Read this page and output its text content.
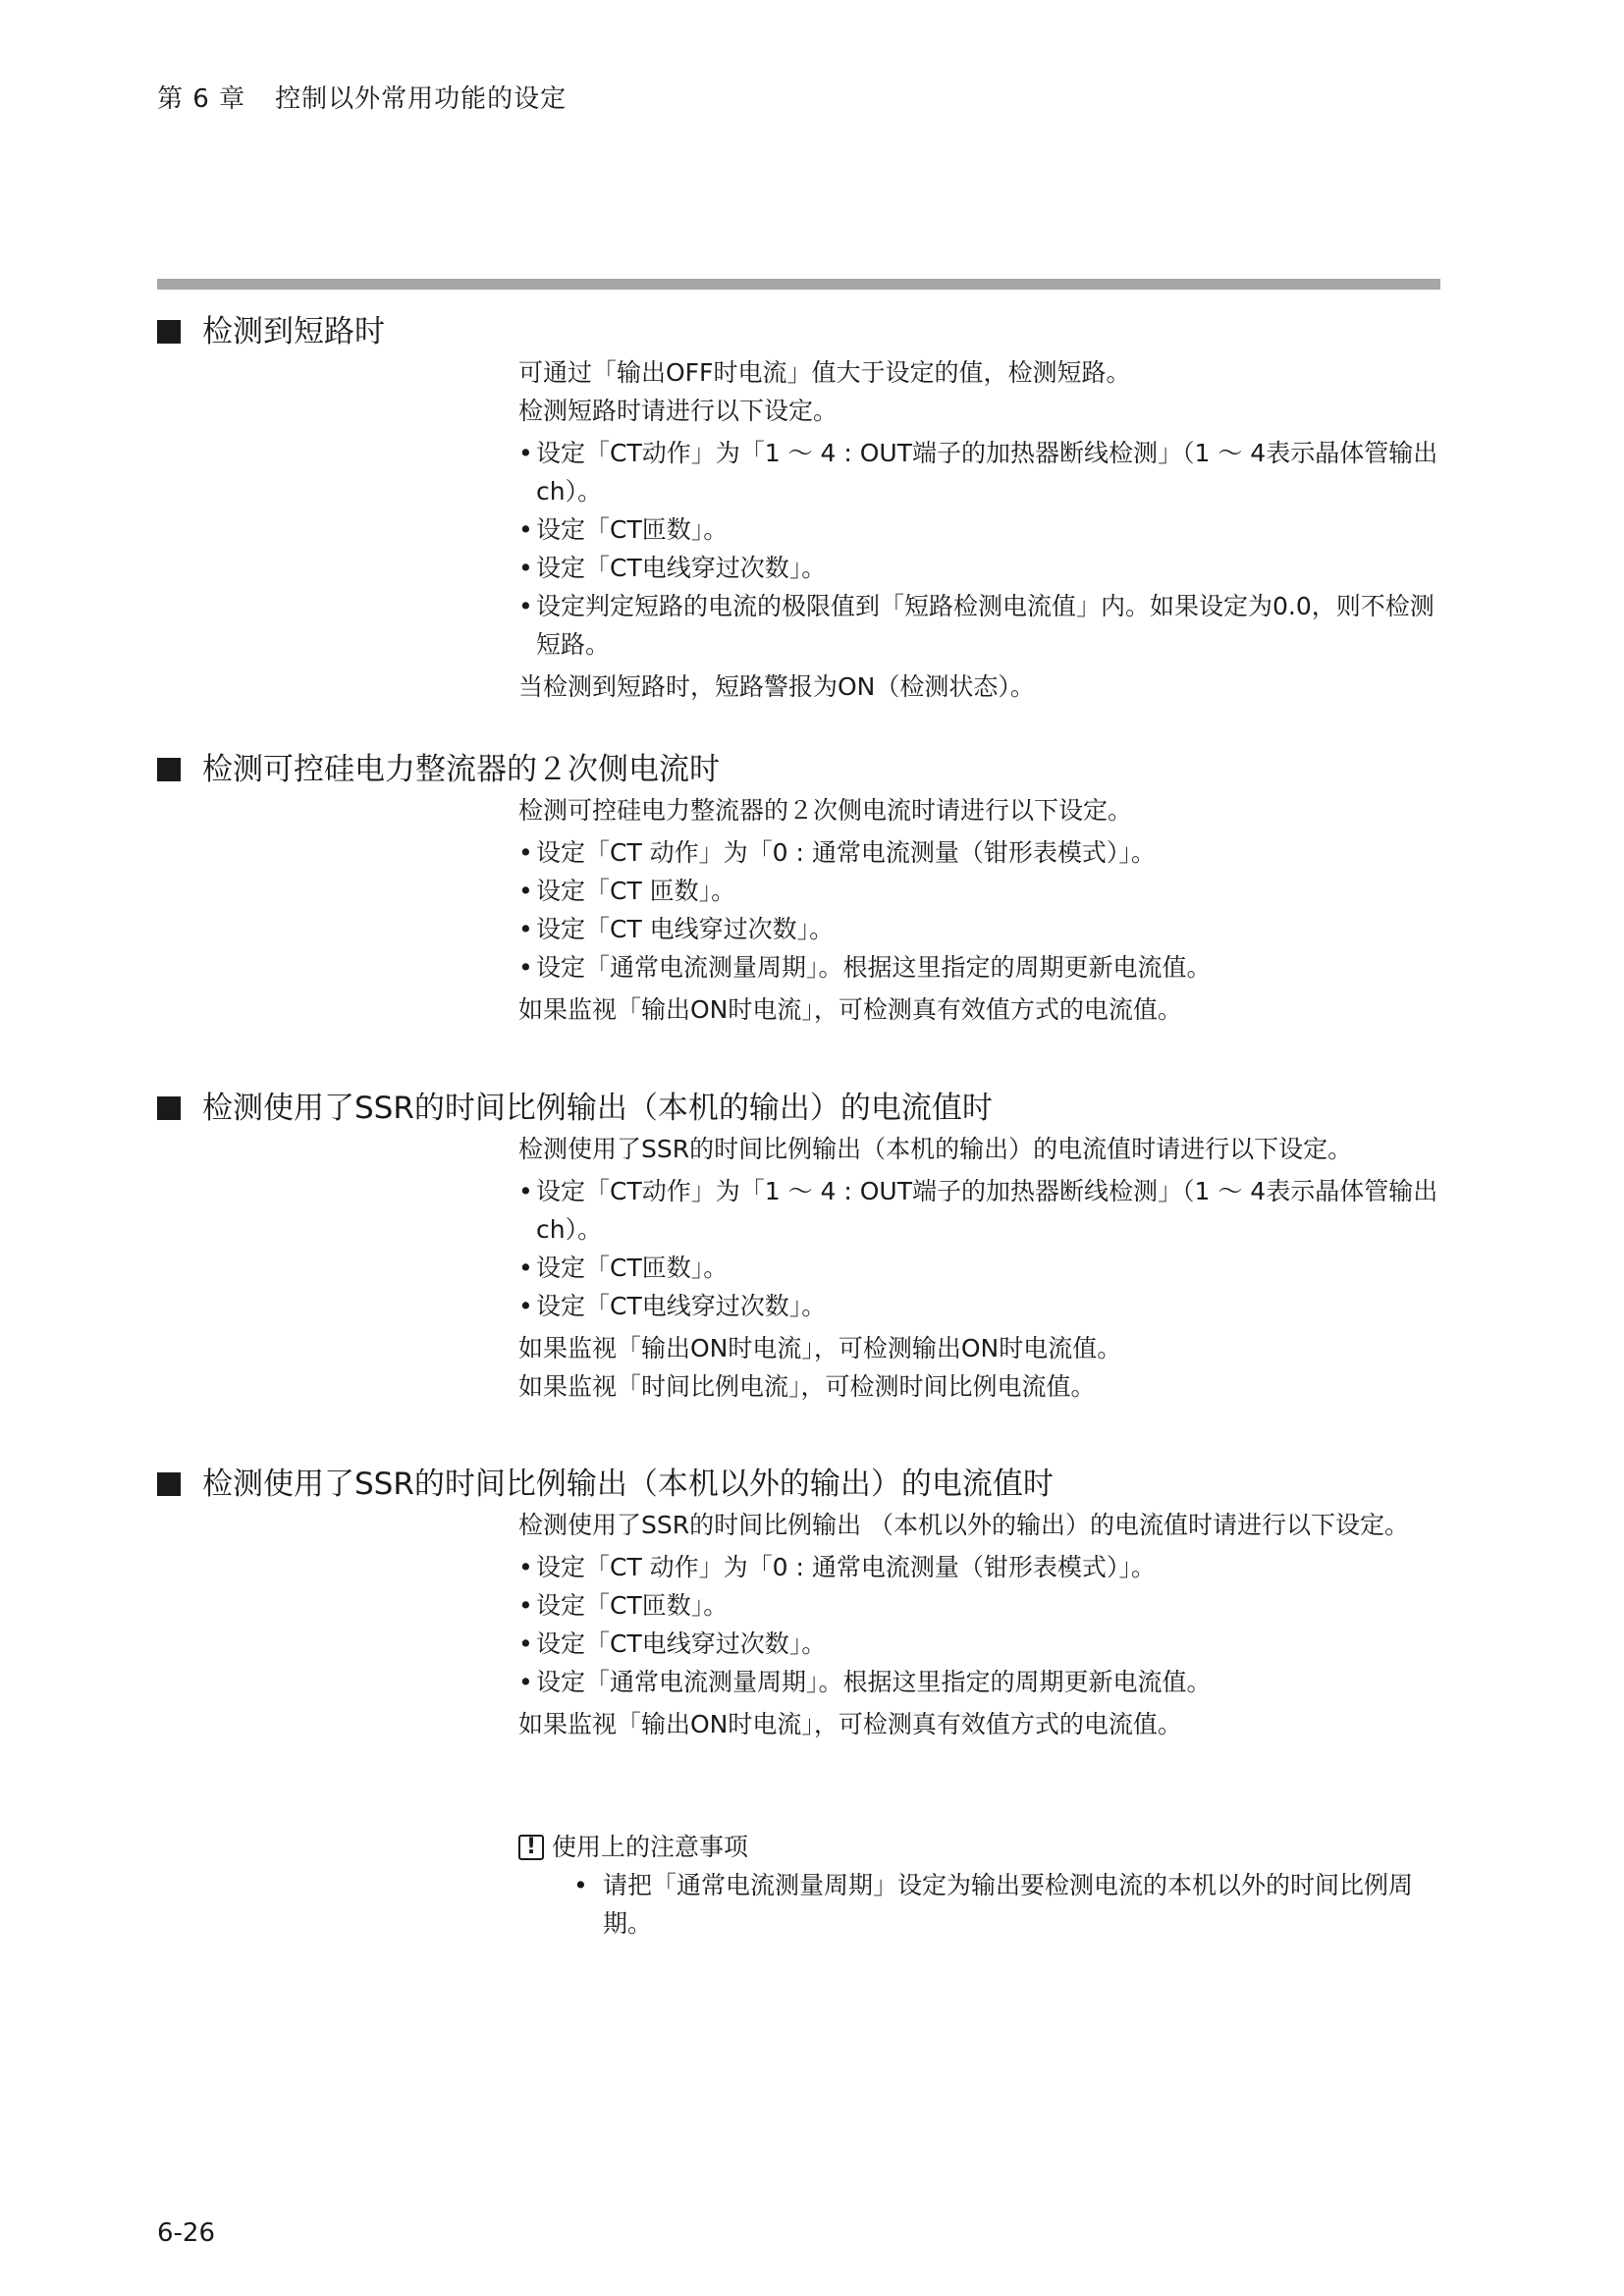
第 6 章 控制以外常用功能的设定
检测到短路时

可通过「输出OFF时电流」值大于设定的值，检测短路。

检测短路时请进行以下设定。

• 设定「CT动作」为「1 ～ 4 : OUT端子的加热器断线检测」（1 ～ 4表示晶体管输出ch）。
• 设定「CT匝数」。
• 设定「CT电线穿过次数」。
• 设定判定短路的电流的极限值到「短路检测电流值」内。如果设定为0.0，则不检测短路。

当检测到短路时，短路警报为ON（检测状态）。

检测可控硅电力整流器的２次侧电流时

检测可控硅电力整流器的２次侧电流时请进行以下设定。

• 设定「CT 动作」为「0 : 通常电流测量（钳形表模式）」。
• 设定「CT 匝数」。
• 设定「CT 电线穿过次数」。
• 设定「通常电流测量周期」。根据这里指定的周期更新电流值。

如果监视「输出ON时电流」，可检测真有效值方式的电流值。

检测使用了SSR的时间比例输出（本机的输出）的电流值时

检测使用了SSR的时间比例输出（本机的输出）的电流值时请进行以下设定。

• 设定「CT动作」为「1 ～ 4 : OUT端子的加热器断线检测」（1 ～ 4表示晶体管输出ch）。
• 设定「CT匝数」。
• 设定「CT电线穿过次数」。

如果监视「输出ON时电流」，可检测输出ON时电流值。

如果监视「时间比例电流」，可检测时间比例电流值。

检测使用了SSR的时间比例输出（本机以外的输出）的电流值时

检测使用了SSR的时间比例输出 （本机以外的输出）的电流值时请进行以下设定。

• 设定「CT 动作」为「0 : 通常电流测量（钳形表模式）」。
• 设定「CT匝数」。
• 设定「CT电线穿过次数」。
• 设定「通常电流测量周期」。根据这里指定的周期更新电流值。

如果监视「输出ON时电流」，可检测真有效值方式的电流值。

! 使用上的注意事项
• 请把「通常电流测量周期」设定为输出要检测电流的本机以外的时间比例周期。
6-26
